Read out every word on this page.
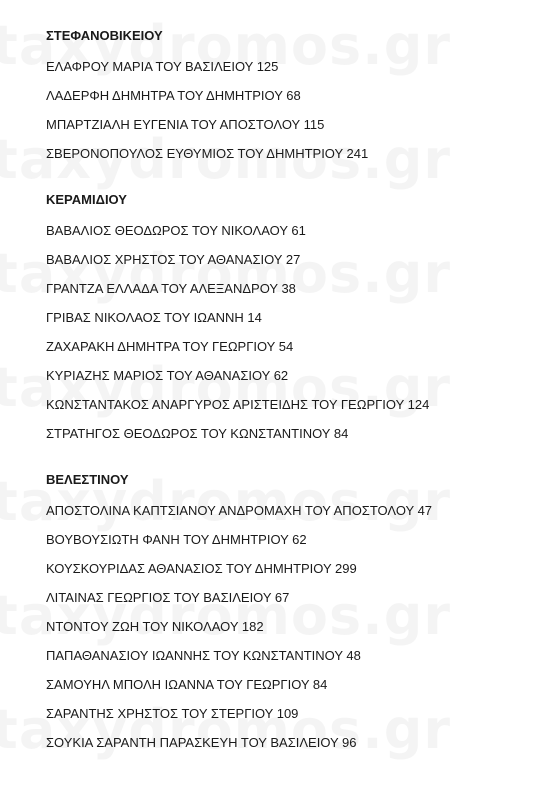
ΣΤΕΦΑΝΟΒΙΚΕΙΟΥ
ΕΛΑΦΡΟΥ ΜΑΡΙΑ ΤΟΥ ΒΑΣΙΛΕΙΟΥ 125
ΛΑΔΕΡΦΗ ΔΗΜΗΤΡΑ ΤΟΥ ΔΗΜΗΤΡΙΟΥ 68
ΜΠΑΡΤΖΙΑΛΗ ΕΥΓΕΝΙΑ ΤΟΥ ΑΠΟΣΤΟΛΟΥ 115
ΣΒΕΡΟΝΟΠΟΥΛΟΣ ΕΥΘΥΜΙΟΣ ΤΟΥ ΔΗΜΗΤΡΙΟΥ 241
ΚΕΡΑΜΙΔΙΟΥ
ΒΑΒΑΛΙΟΣ ΘΕΟΔΩΡΟΣ ΤΟΥ ΝΙΚΟΛΑΟΥ 61
ΒΑΒΑΛΙΟΣ ΧΡΗΣΤΟΣ ΤΟΥ ΑΘΑΝΑΣΙΟΥ 27
ΓΡΑΝΤΖΑ ΕΛΛΑΔΑ ΤΟΥ ΑΛΕΞΑΝΔΡΟΥ 38
ΓΡΙΒΑΣ ΝΙΚΟΛΑΟΣ ΤΟΥ ΙΩΑΝΝΗ 14
ΖΑΧΑΡΑΚΗ ΔΗΜΗΤΡΑ ΤΟΥ ΓΕΩΡΓΙΟΥ 54
ΚΥΡΙΑΖΗΣ ΜΑΡΙΟΣ ΤΟΥ ΑΘΑΝΑΣΙΟΥ 62
ΚΩΝΣΤΑΝΤΑΚΟΣ ΑΝΑΡΓΥΡΟΣ ΑΡΙΣΤΕΙΔΗΣ ΤΟΥ ΓΕΩΡΓΙΟΥ 124
ΣΤΡΑΤΗΓΟΣ ΘΕΟΔΩΡΟΣ ΤΟΥ ΚΩΝΣΤΑΝΤΙΝΟΥ 84
ΒΕΛΕΣΤΙΝΟΥ
ΑΠΟΣΤΟΛΙΝΑ ΚΑΠΤΣΙΑΝΟΥ ΑΝΔΡΟΜΑΧΗ ΤΟΥ ΑΠΟΣΤΟΛΟΥ 47
ΒΟΥΒΟΥΣΙΩΤΗ ΦΑΝΗ ΤΟΥ ΔΗΜΗΤΡΙΟΥ 62
ΚΟΥΣΚΟΥΡΙΔΑΣ ΑΘΑΝΑΣΙΟΣ ΤΟΥ ΔΗΜΗΤΡΙΟΥ 299
ΛΙΤΑΙΝΑΣ ΓΕΩΡΓΙΟΣ ΤΟΥ ΒΑΣΙΛΕΙΟΥ 67
ΝΤΟΝΤΟΥ ΖΩΗ ΤΟΥ ΝΙΚΟΛΑΟΥ 182
ΠΑΠΑΘΑΝΑΣΙΟΥ ΙΩΑΝΝΗΣ ΤΟΥ ΚΩΝΣΤΑΝΤΙΝΟΥ 48
ΣΑΜΟΥΗΛ ΜΠΟΛΗ ΙΩΑΝΝΑ ΤΟΥ ΓΕΩΡΓΙΟΥ 84
ΣΑΡΑΝΤΗΣ ΧΡΗΣΤΟΣ ΤΟΥ ΣΤΕΡΓΙΟΥ 109
ΣΟΥΚΙΑ ΣΑΡΑΝΤΗ ΠΑΡΑΣΚΕΥΗ ΤΟΥ ΒΑΣΙΛΕΙΟΥ 96
